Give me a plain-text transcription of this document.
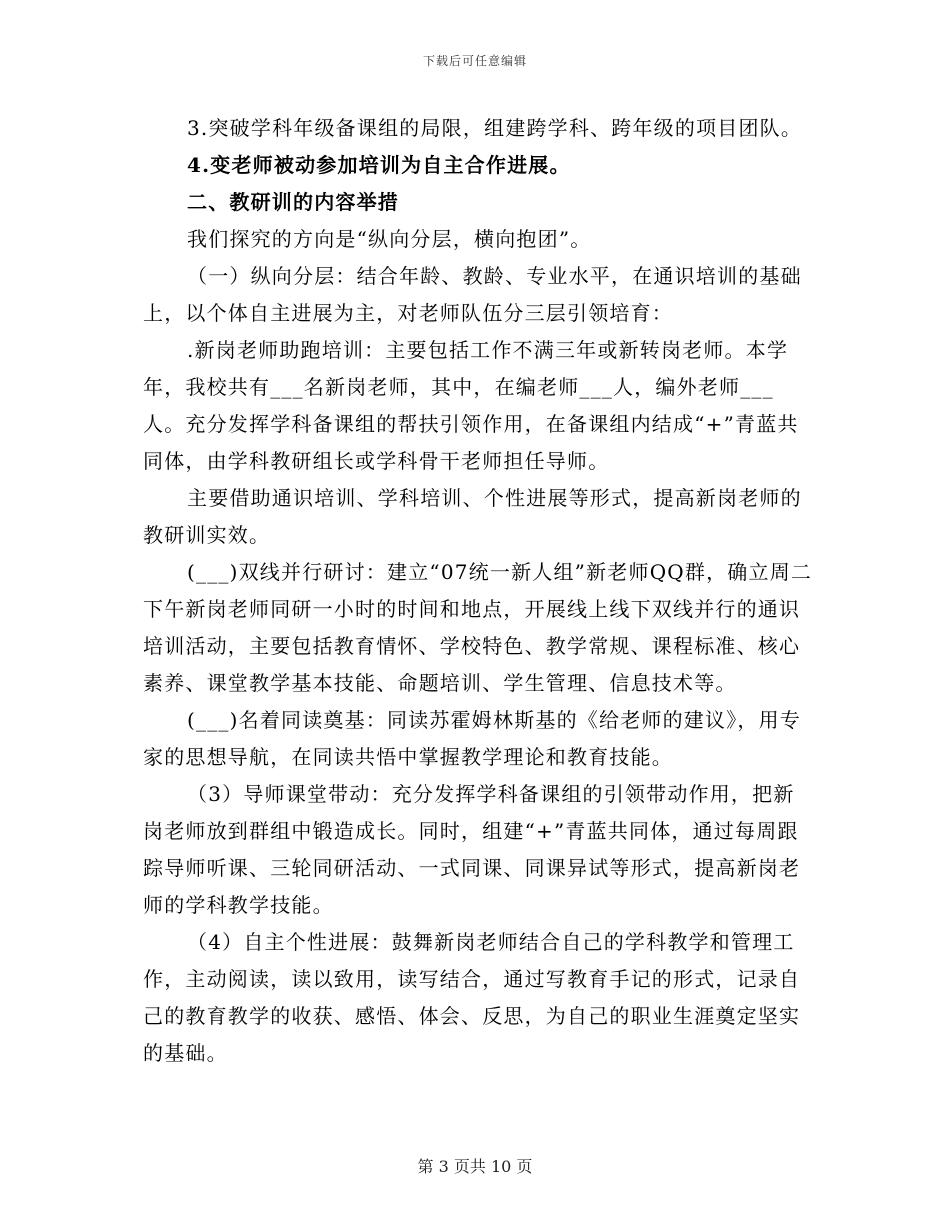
下载后可任意编辑

3.突破学科年级备课组的局限，组建跨学科、跨年级的项目团队。

4.变老师被动参加培训为自主合作进展。

二、教研训的内容举措

我们探究的方向是“纵向分层，横向抱团”。

（一）纵向分层：结合年龄、教龄、专业水平，在通识培训的基础上，以个体自主进展为主，对老师队伍分三层引领培育：

.新岗老师助跑培训：主要包括工作不满三年或新转岗老师。本学年，我校共有___名新岗老师，其中，在编老师___人，编外老师___人。充分发挥学科备课组的帮扶引领作用，在备课组内结成“+”青蓝共同体，由学科教研组长或学科骨干老师担任导师。

主要借助通识培训、学科培训、个性进展等形式，提高新岗老师的教研训实效。

(___)双线并行研讨：建立“07统一新人组”新老师QQ群，确立周二下午新岗老师同研一小时的时间和地点，开展线上线下双线并行的通识培训活动，主要包括教育情怀、学校特色、教学常规、课程标准、核心素养、课堂教学基本技能、命题培训、学生管理、信息技术等。

(___)名着同读奠基：同读苏霍姆林斯基的《给老师的建议》，用专家的思想导航，在同读共悟中掌握教学理论和教育技能。

（3）导师课堂带动：充分发挥学科备课组的引领带动作用，把新岗老师放到群组中锻造成长。同时，组建“+”青蓝共同体，通过每周跟踪导师听课、三轮同研活动、一式同课、同课异试等形式，提高新岗老师的学科教学技能。

（4）自主个性进展：鼓舞新岗老师结合自己的学科教学和管理工作，主动阅读，读以致用，读写结合，通过写教育手记的形式，记录自己的教育教学的收获、感悟、体会、反思，为自己的职业生涯奠定坚实的基础。

第 3 页共 10 页
